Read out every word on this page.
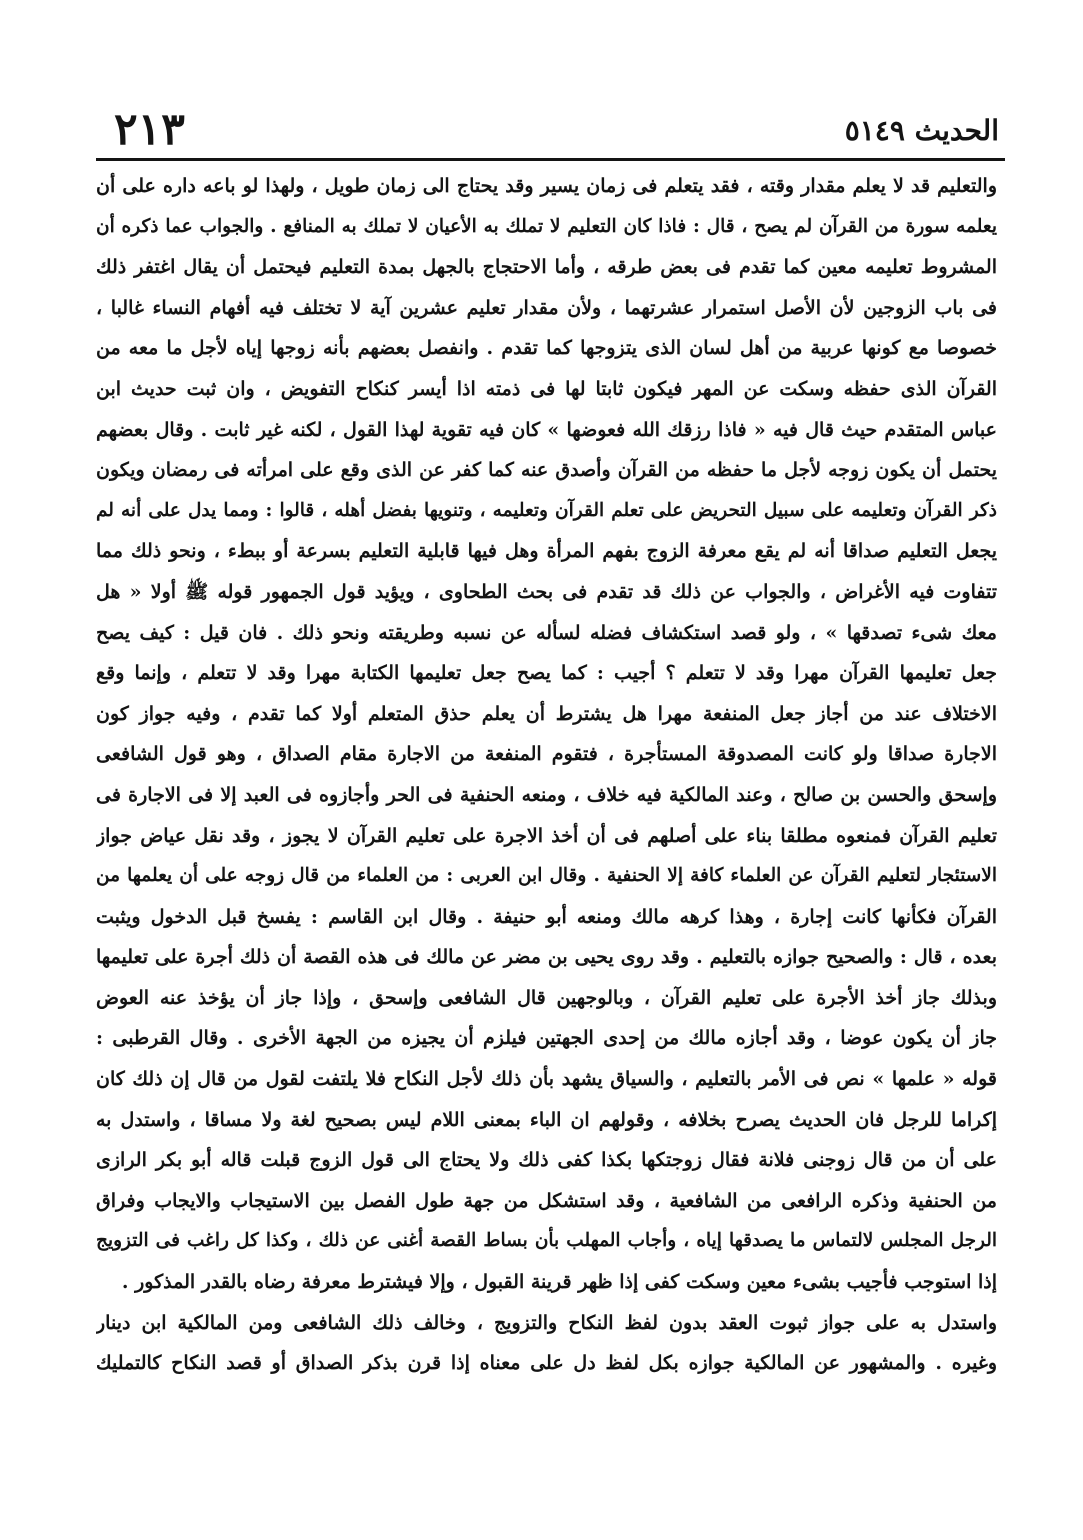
الحديث ٥١٤٩
٢١٣
والتعليم قد لا يعلم مقدار وقته ، فقد يتعلم فى زمان يسير وقد يحتاج الى زمان طويل ، ولهذا لو باعه داره على أن
يعلمه سورة من القرآن لم يصح ، قال : فاذا كان التعليم لا تملك به الأعيان لا تملك به المنافع . والجواب عما ذكره أن
المشروط تعليمه معين كما تقدم فى بعض طرقه ، وأما الاحتجاج بالجهل بمدة التعليم فيحتمل أن يقال اغتفر ذلك
فى باب الزوجين لأن الأصل استمرار عشرتهما ، ولأن مقدار تعليم عشرين آية لا تختلف فيه أفهام النساء غالبا ،
خصوصا مع كونها عربية من أهل لسان الذى يتزوجها كما تقدم . وانفصل بعضهم بأنه زوجها إياه لأجل ما معه من
القرآن الذى حفظه وسكت عن المهر فيكون ثابتا لها فى ذمته اذا أيسر كنكاح التفويض ، وان ثبت حديث ابن
عباس المتقدم حيث قال فيه « فاذا رزقك الله فعوضها » كان فيه تقوية لهذا القول ، لكنه غير ثابت . وقال بعضهم
يحتمل أن يكون زوجه لأجل ما حفظه من القرآن وأصدق عنه كما كفر عن الذى وقع على امرأته فى رمضان ويكون
ذكر القرآن وتعليمه على سبيل التحريض على تعلم القرآن وتعليمه ، وتنويها بفضل أهله ، قالوا : ومما يدل على أنه لم
يجعل التعليم صداقا أنه لم يقع معرفة الزوج بفهم المرأة وهل فيها قابلية التعليم بسرعة أو ببطء ، ونحو ذلك مما
تتفاوت فيه الأغراض ، والجواب عن ذلك قد تقدم فى بحث الطحاوى ، ويؤيد قول الجمهور قوله ﷺ أولا « هل
معك شىء تصدقها » ، ولو قصد استكشاف فضله لسأله عن نسبه وطريقته ونحو ذلك . فان قيل : كيف يصح
جعل تعليمها القرآن مهرا وقد لا تتعلم ؟ أجيب : كما يصح جعل تعليمها الكتابة مهرا وقد لا تتعلم ، وإنما وقع
الاختلاف عند من أجاز جعل المنفعة مهرا هل يشترط أن يعلم حذق المتعلم أولا كما تقدم ، وفيه جواز كون
الاجارة صداقا ولو كانت المصدوقة المستأجرة ، فتقوم المنفعة من الاجارة مقام الصداق ، وهو قول الشافعى
وإسحق والحسن بن صالح ، وعند المالكية فيه خلاف ، ومنعه الحنفية فى الحر وأجازوه فى العبد إلا فى الاجارة فى
تعليم القرآن فمنعوه مطلقا بناء على أصلهم فى أن أخذ الاجرة على تعليم القرآن لا يجوز ، وقد نقل عياض جواز
الاستئجار لتعليم القرآن عن العلماء كافة إلا الحنفية . وقال ابن العربى : من العلماء من قال زوجه على أن يعلمها من
القرآن فكأنها كانت إجارة ، وهذا كرهه مالك ومنعه أبو حنيفة . وقال ابن القاسم : يفسخ قبل الدخول ويثبت
بعده ، قال : والصحيح جوازه بالتعليم . وقد روى يحيى بن مضر عن مالك فى هذه القصة أن ذلك أجرة على تعليمها
وبذلك جاز أخذ الأجرة على تعليم القرآن ، وبالوجهين قال الشافعى وإسحق ، وإذا جاز أن يؤخذ عنه العوض
جاز أن يكون عوضا ، وقد أجازه مالك من إحدى الجهتين فيلزم أن يجيزه من الجهة الأخرى . وقال القرطبى :
قوله « علمها » نص فى الأمر بالتعليم ، والسياق يشهد بأن ذلك لأجل النكاح فلا يلتفت لقول من قال إن ذلك كان
إكراما للرجل فان الحديث يصرح بخلافه ، وقولهم ان الباء بمعنى اللام ليس بصحيح لغة ولا مساقا ، واستدل به
على أن من قال زوجنى فلانة فقال زوجتكها بكذا كفى ذلك ولا يحتاج الى قول الزوج قبلت قاله أبو بكر الرازى
من الحنفية وذكره الرافعى من الشافعية ، وقد استشكل من جهة طول الفصل بين الاستيجاب والايجاب وفراق
الرجل المجلس لالتماس ما يصدقها إياه ، وأجاب المهلب بأن بساط القصة أغنى عن ذلك ، وكذا كل راغب فى التزويج
إذا استوجب فأجيب بشىء معين وسكت كفى إذا ظهر قرينة القبول ، وإلا فيشترط معرفة رضاه بالقدر المذكور .
واستدل به على جواز ثبوت العقد بدون لفظ النكاح والتزويج ، وخالف ذلك الشافعى ومن المالكية ابن دينار
وغيره . والمشهور عن المالكية جوازه بكل لفظ دل على معناه إذا قرن بذكر الصداق أو قصد النكاح كالتمليك
